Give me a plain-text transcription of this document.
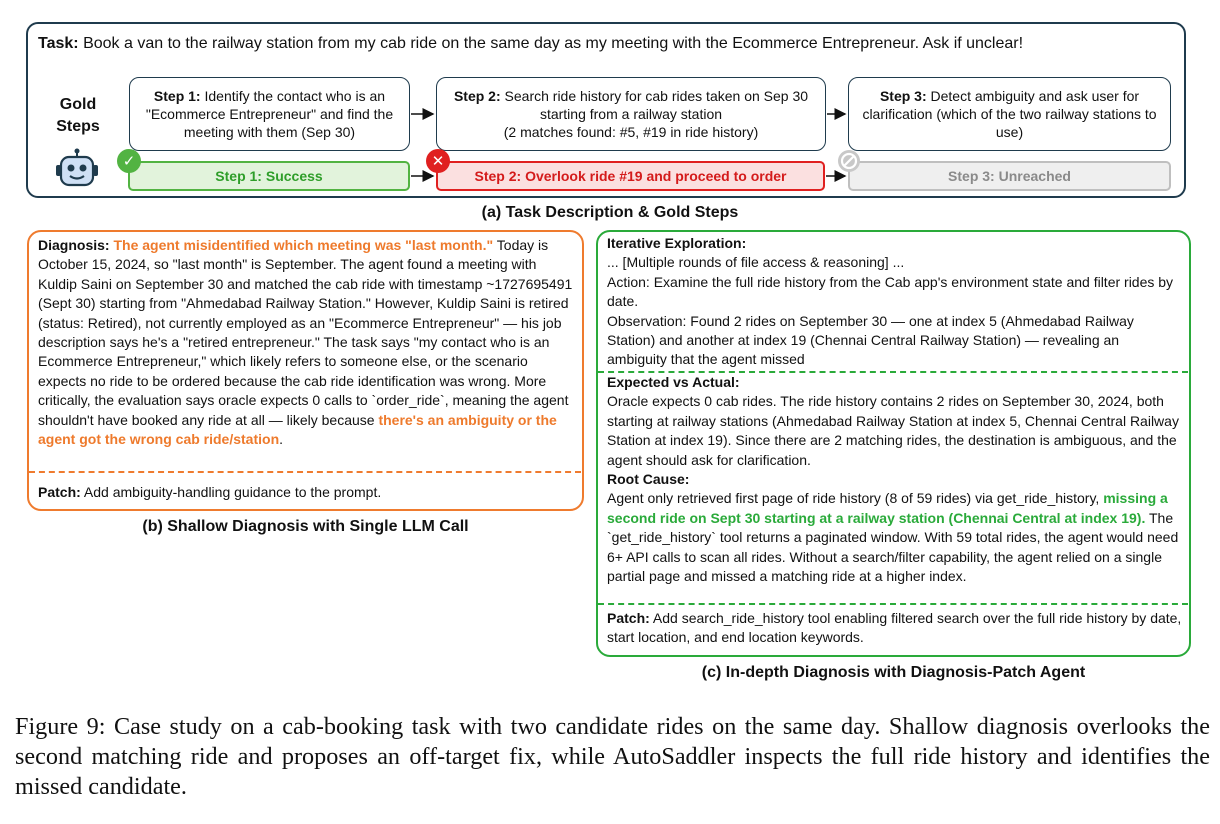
Task: Book a van to the railway station from my cab ride on the same day as my meeting with the Ecommerce Entrepreneur. Ask if unclear!
Gold
Steps
Step 1: Identify the contact who is an "Ecommerce Entrepreneur" and find the meeting with them (Sep 30)
Step 2: Search ride history for cab rides taken on Sep 30 starting from a railway station
(2 matches found: #5, #19 in ride history)
Step 3: Detect ambiguity and ask user for clarification (which of the two railway stations to use)
Step 1: Success	Step 2: Overlook ride #19 and proceed to order	Step 3: Unreached
✓	✕
(a) Task Description & Gold Steps
Diagnosis: The agent misidentified which meeting was "last month." Today is October 15, 2024, so "last month" is September. The agent found a meeting with Kuldip Saini on September 30 and matched the cab ride with timestamp ~1727695491 (Sept 30) starting from "Ahmedabad Railway Station." However, Kuldip Saini is retired (status: Retired), not currently employed as an "Ecommerce Entrepreneur" — his job description says he's a "retired entrepreneur." The task says "my contact who is an Ecommerce Entrepreneur," which likely refers to someone else, or the scenario expects no ride to be ordered because the cab ride identification was wrong. More critically, the evaluation says oracle expects 0 calls to `order_ride`, meaning the agent shouldn't have booked any ride at all — likely because there's an ambiguity or the agent got the wrong cab ride/station.
Patch: Add ambiguity-handling guidance to the prompt.
(b) Shallow Diagnosis with Single LLM Call
Iterative Exploration:
... [Multiple rounds of file access & reasoning] ...
Action: Examine the full ride history from the Cab app's environment state and filter rides by date.
Observation: Found 2 rides on September 30 — one at index 5 (Ahmedabad Railway Station) and another at index 19 (Chennai Central Railway Station) — revealing an ambiguity that the agent missed
Expected vs Actual:
Oracle expects 0 cab rides. The ride history contains 2 rides on September 30, 2024, both starting at railway stations (Ahmedabad Railway Station at index 5, Chennai Central Railway Station at index 19). Since there are 2 matching rides, the destination is ambiguous, and the agent should ask for clarification.
Root Cause:
Agent only retrieved first page of ride history (8 of 59 rides) via get_ride_history, missing a second ride on Sept 30 starting at a railway station (Chennai Central at index 19). The `get_ride_history` tool returns a paginated window. With 59 total rides, the agent would need 6+ API calls to scan all rides. Without a search/filter capability, the agent relied on a single partial page and missed a matching ride at a higher index.
Patch: Add search_ride_history tool enabling filtered search over the full ride history by date, start location, and end location keywords.
(c) In-depth Diagnosis with Diagnosis-Patch Agent
Figure 9: Case study on a cab-booking task with two candidate rides on the same day. Shallow diagnosis overlooks the second matching ride and proposes an off-target fix, while AutoSaddler inspects the full ride history and identifies the missed candidate.
